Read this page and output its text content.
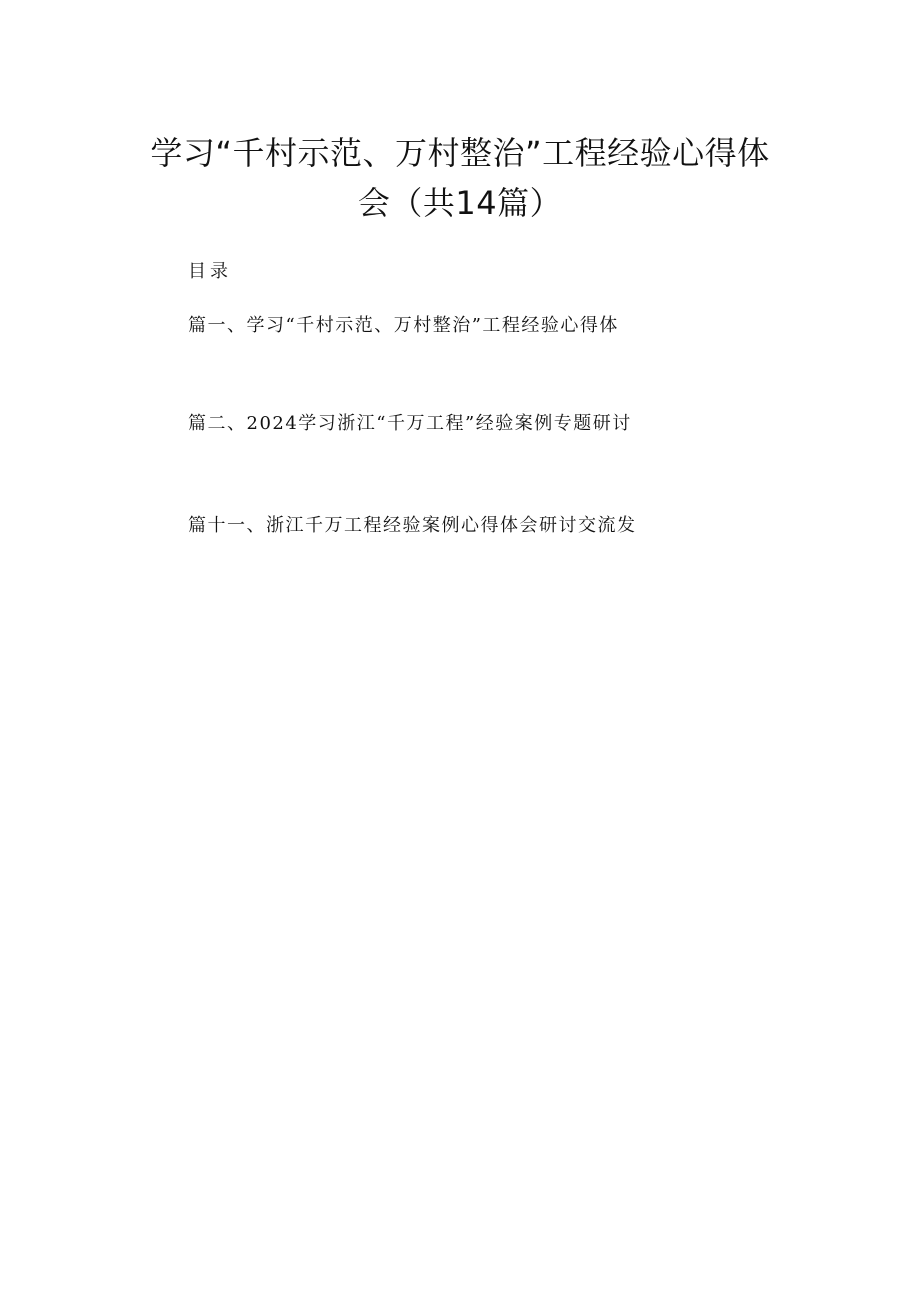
学习“千村示范、万村整治”工程经验心得体
会（共14篇）
目录
篇一、学习“千村示范、万村整治”工程经验心得体
篇二、2024学习浙江“千万工程”经验案例专题研讨
篇十一、浙江千万工程经验案例心得体会研讨交流发
